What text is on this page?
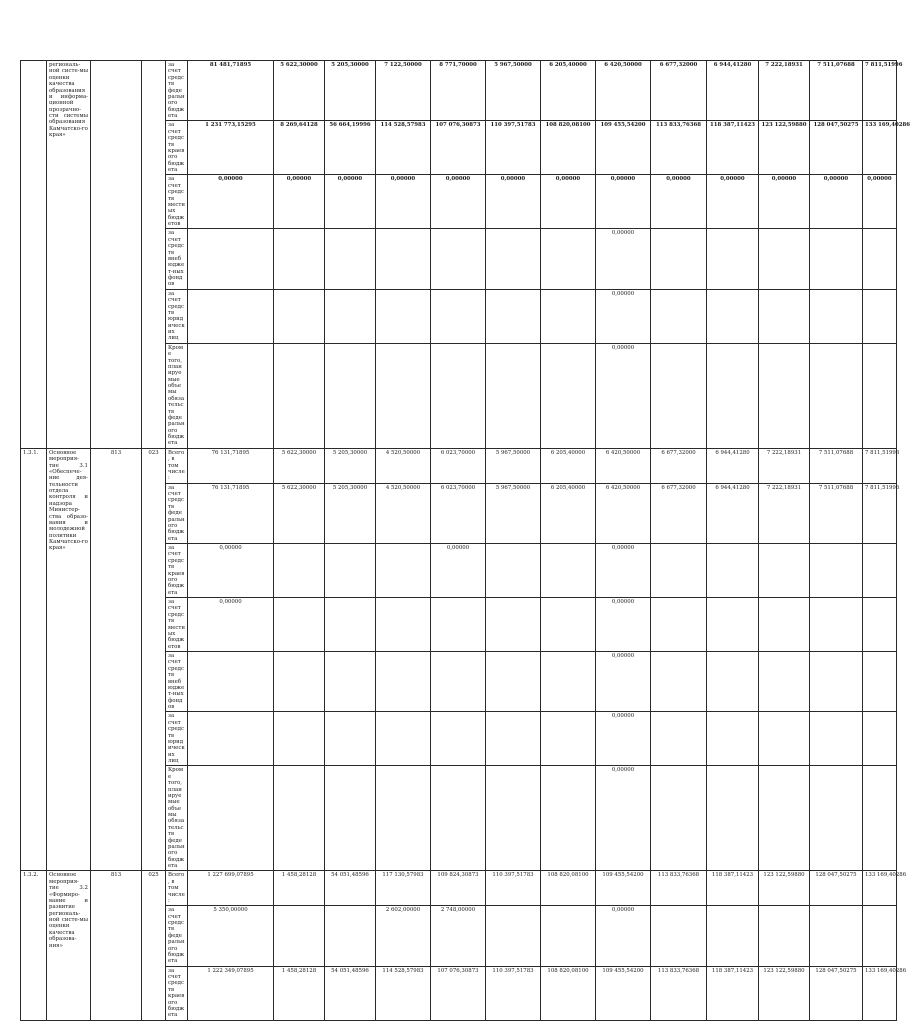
	региональ-ной систе-мы оценки качества образования и информа-ционной прозрачно-сти системы образования Камчатско-го края»			за счет средств федерального бюджета	81 481,71895	5 622,30000	5 205,30000	7 122,50000	8 771,70000	5 967,50000	6 205,40000	6 420,50000	6 677,32000	6 944,41280	7 222,18931	7 511,07688	7 811,51996
				за счет средств краевого бюджета	1 231 773,15295	8 269,64128	56 664,19996	114 528,57983	107 076,30873	110 397,51783	108 820,08100	109 455,54200	113 833,76368	118 387,11423	123 122,59880	128 047,50275	133 169,40286
				за счет средств местных бюджетов	0,00000	0,00000	0,00000	0,00000	0,00000	0,00000	0,00000	0,00000	0,00000	0,00000	0,00000	0,00000	0,00000
				за счет средств внебюджет-ных фондов								0,00000					
				за счет средств юридических лиц								0,00000					
				Кроме того, планируемые объемы обязательств федерального бюджета								0,00000					
1.3.1.	Основное мероприя-тие 3.1 «Обеспече-ние дея-тельности отдела контроля и надзора Министер-ства образо-вания и молодежной политики Камчатско-го края»	813	023	Всего, в том числе:	76 131,71895	5 622,30000	5 205,30000	4 520,50000	6 023,70000	5 967,50000	6 205,40000	6 420,50000	6 677,32000	6 944,41280	7 222,18931	7 511,07688	7 811,51996
				за счет средств федерального бюджета	76 131,71895	5 622,30000	5 205,30000	4 520,50000	6 023,70000	5 967,50000	6 205,40000	6 420,50000	6 677,32000	6 944,41280	7 222,18931	7 511,07688	7 811,51996
				за счет средств краевого бюджета	0,00000				0,00000			0,00000					
				за счет средств местных бюджетов	0,00000							0,00000					
				за счет средств внебюджет-ных фондов								0,00000					
				за счет средств юридических лиц								0,00000					
				Кроме того, планируемые объемы обязательств федерального бюджета								0,00000					
1.3.2.	Основное мероприя-тие 3.2 «Формиро-вание и развитие региональ-ной систе-мы оценки качества образова-ния»	813	025	Всего, в том числе:	1 227 699,07895	1 458,28128	54 051,48596	117 130,57983	109 824,30873	110 397,51783	108 820,08100	109 455,54200	113 833,76368	118 387,11423	123 122,59880	128 047,50275	133 169,40286
				за счет средств федерального бюджета	5 350,00000			2 602,00000	2 748,00000			0,00000					
				за счет средств краевого бюджета	1 222 349,07895	1 458,28128	54 051,48596	114 528,57983	107 076,30873	110 397,51783	108 820,08100	109 455,54200	113 833,76368	118 387,11423	123 122,59880	128 047,50275	133 169,40286
